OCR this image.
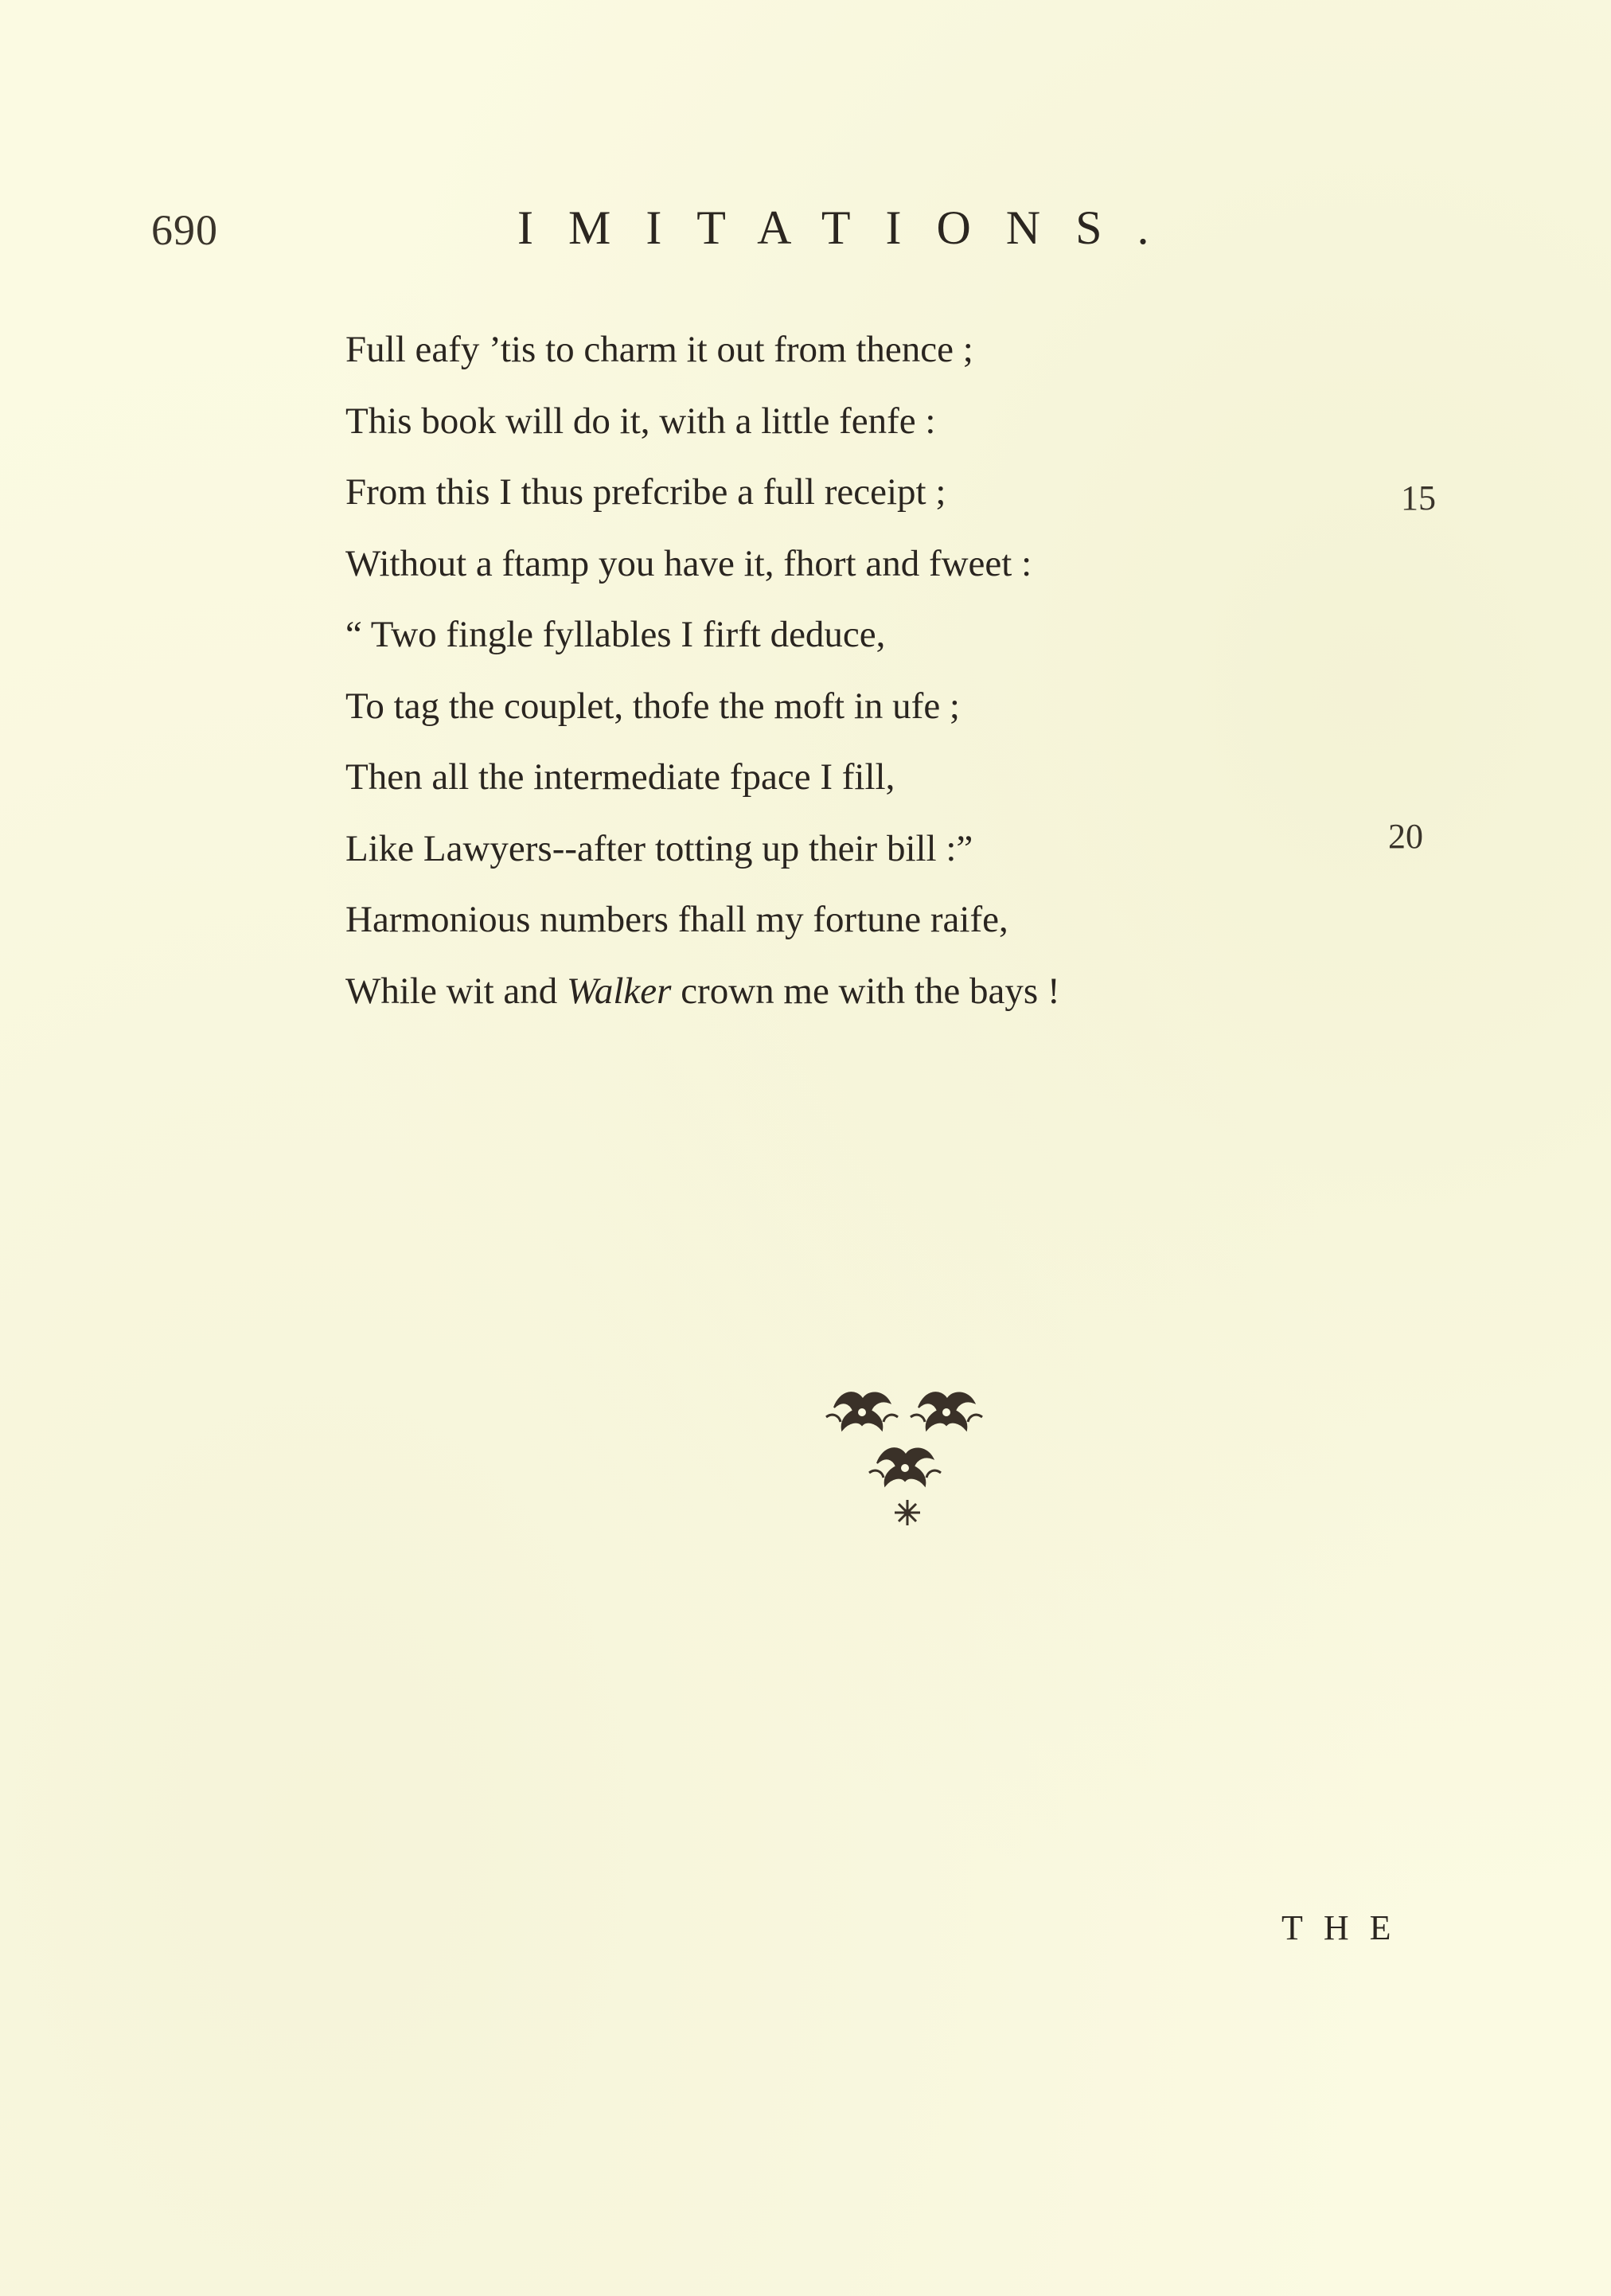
690	IMITATIONS.
Full eafy ’tis to charm it out from thence ;
This book will do it, with a little fenfe :
From this I thus prefcribe a full receipt ;
Without a ftamp you have it, fhort and fweet :
“ Two fingle fyllables I firft deduce,
To tag the couplet, thofe the moft in ufe ;
Then all the intermediate fpace I fill,
Like Lawyers--after totting up their bill :”
Harmonious numbers fhall my fortune raife,
While wit and Walker crown me with the bays !
15
20
THE
